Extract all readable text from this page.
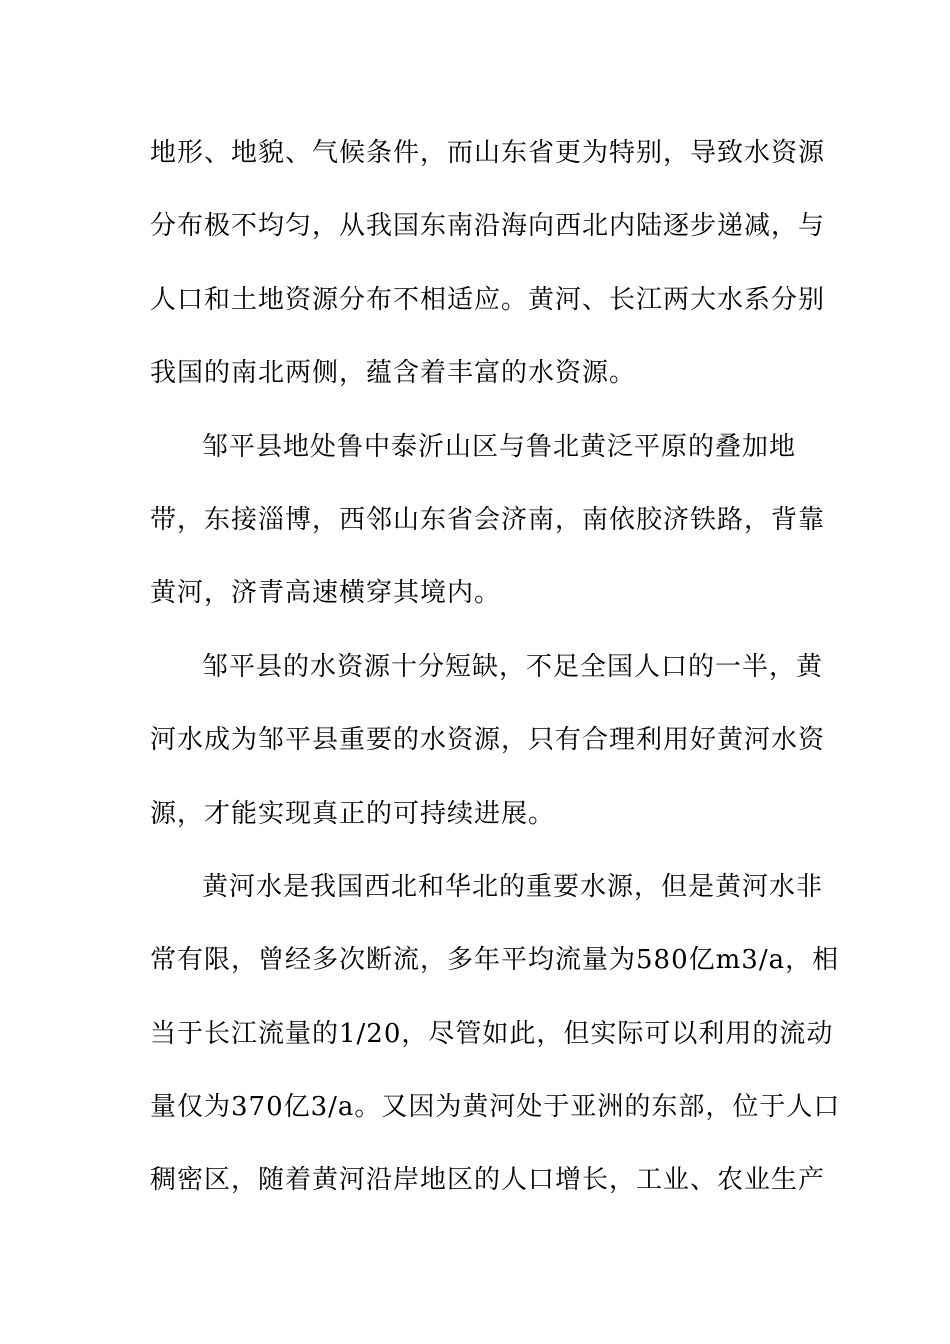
地形、地貌、气候条件，而山东省更为特别，导致水资源
分布极不均匀，从我国东南沿海向西北内陆逐步递减，与
人口和土地资源分布不相适应。黄河、长江两大水系分别
我国的南北两侧，蕴含着丰富的水资源。
邹平县地处鲁中泰沂山区与鲁北黄泛平原的叠加地
带，东接淄博，西邻山东省会济南，南依胶济铁路，背靠
黄河，济青高速横穿其境内。
邹平县的水资源十分短缺，不足全国人口的一半，黄
河水成为邹平县重要的水资源，只有合理利用好黄河水资
源，才能实现真正的可持续进展。
黄河水是我国西北和华北的重要水源，但是黄河水非
常有限，曾经多次断流，多年平均流量为580亿m3/a，相
当于长江流量的1/20，尽管如此，但实际可以利用的流动
量仅为370亿3/a。又因为黄河处于亚洲的东部，位于人口
稠密区，随着黄河沿岸地区的人口增长，工业、农业生产
